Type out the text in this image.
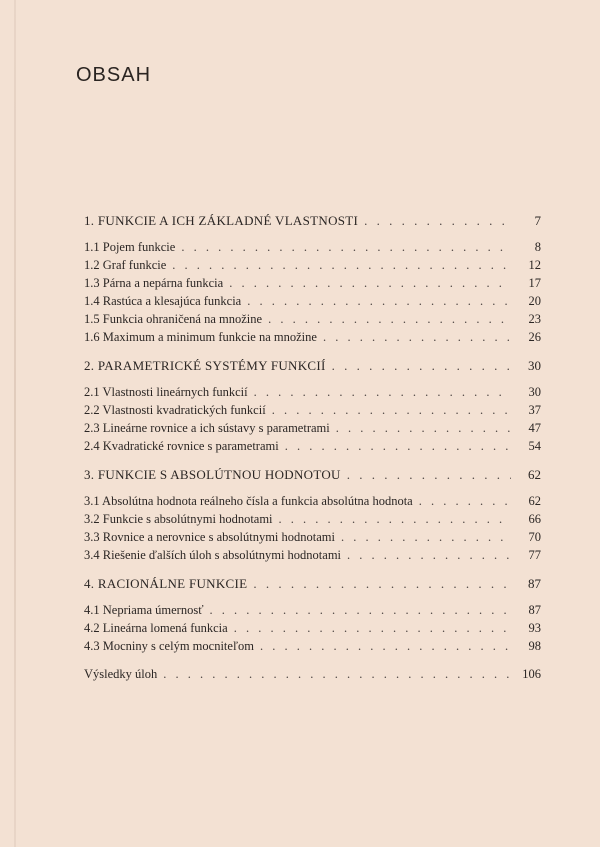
OBSAH
1. FUNKCIE A ICH ZÁKLADNÉ VLASTNOSTI . . .	7
1.1 Pojem funkcie . . .	8
1.2 Graf funkcie . . .	12
1.3 Párna a nepárna funkcia . . .	17
1.4 Rastúca a klesajúca funkcia . . .	20
1.5 Funkcia ohraničená na množine . . .	23
1.6 Maximum a minimum funkcie na množine . . .	26
2. PARAMETRICKÉ SYSTÉMY FUNKCIÍ . . .	30
2.1 Vlastnosti lineárnych funkcií . . .	30
2.2 Vlastnosti kvadratických funkcií . . .	37
2.3 Lineárne rovnice a ich sústavy s parametrami . . .	47
2.4 Kvadratické rovnice s parametrami . . .	54
3. FUNKCIE S ABSOLÚTNOU HODNOTOU . . .	62
3.1 Absolútna hodnota reálneho čísla a funkcia absolútna hodnota . . .	62
3.2 Funkcie s absolútnymi hodnotami . . .	66
3.3 Rovnice a nerovnice s absolútnymi hodnotami . . .	70
3.4 Riešenie ďalších úloh s absolútnymi hodnotami . . .	77
4. RACIONÁLNE FUNKCIE . . .	87
4.1 Nepriama úmernosť . . .	87
4.2 Lineárna lomená funkcia . . .	93
4.3 Mocniny s celým mocniteľom . . .	98
Výsledky úloh . . .	106
